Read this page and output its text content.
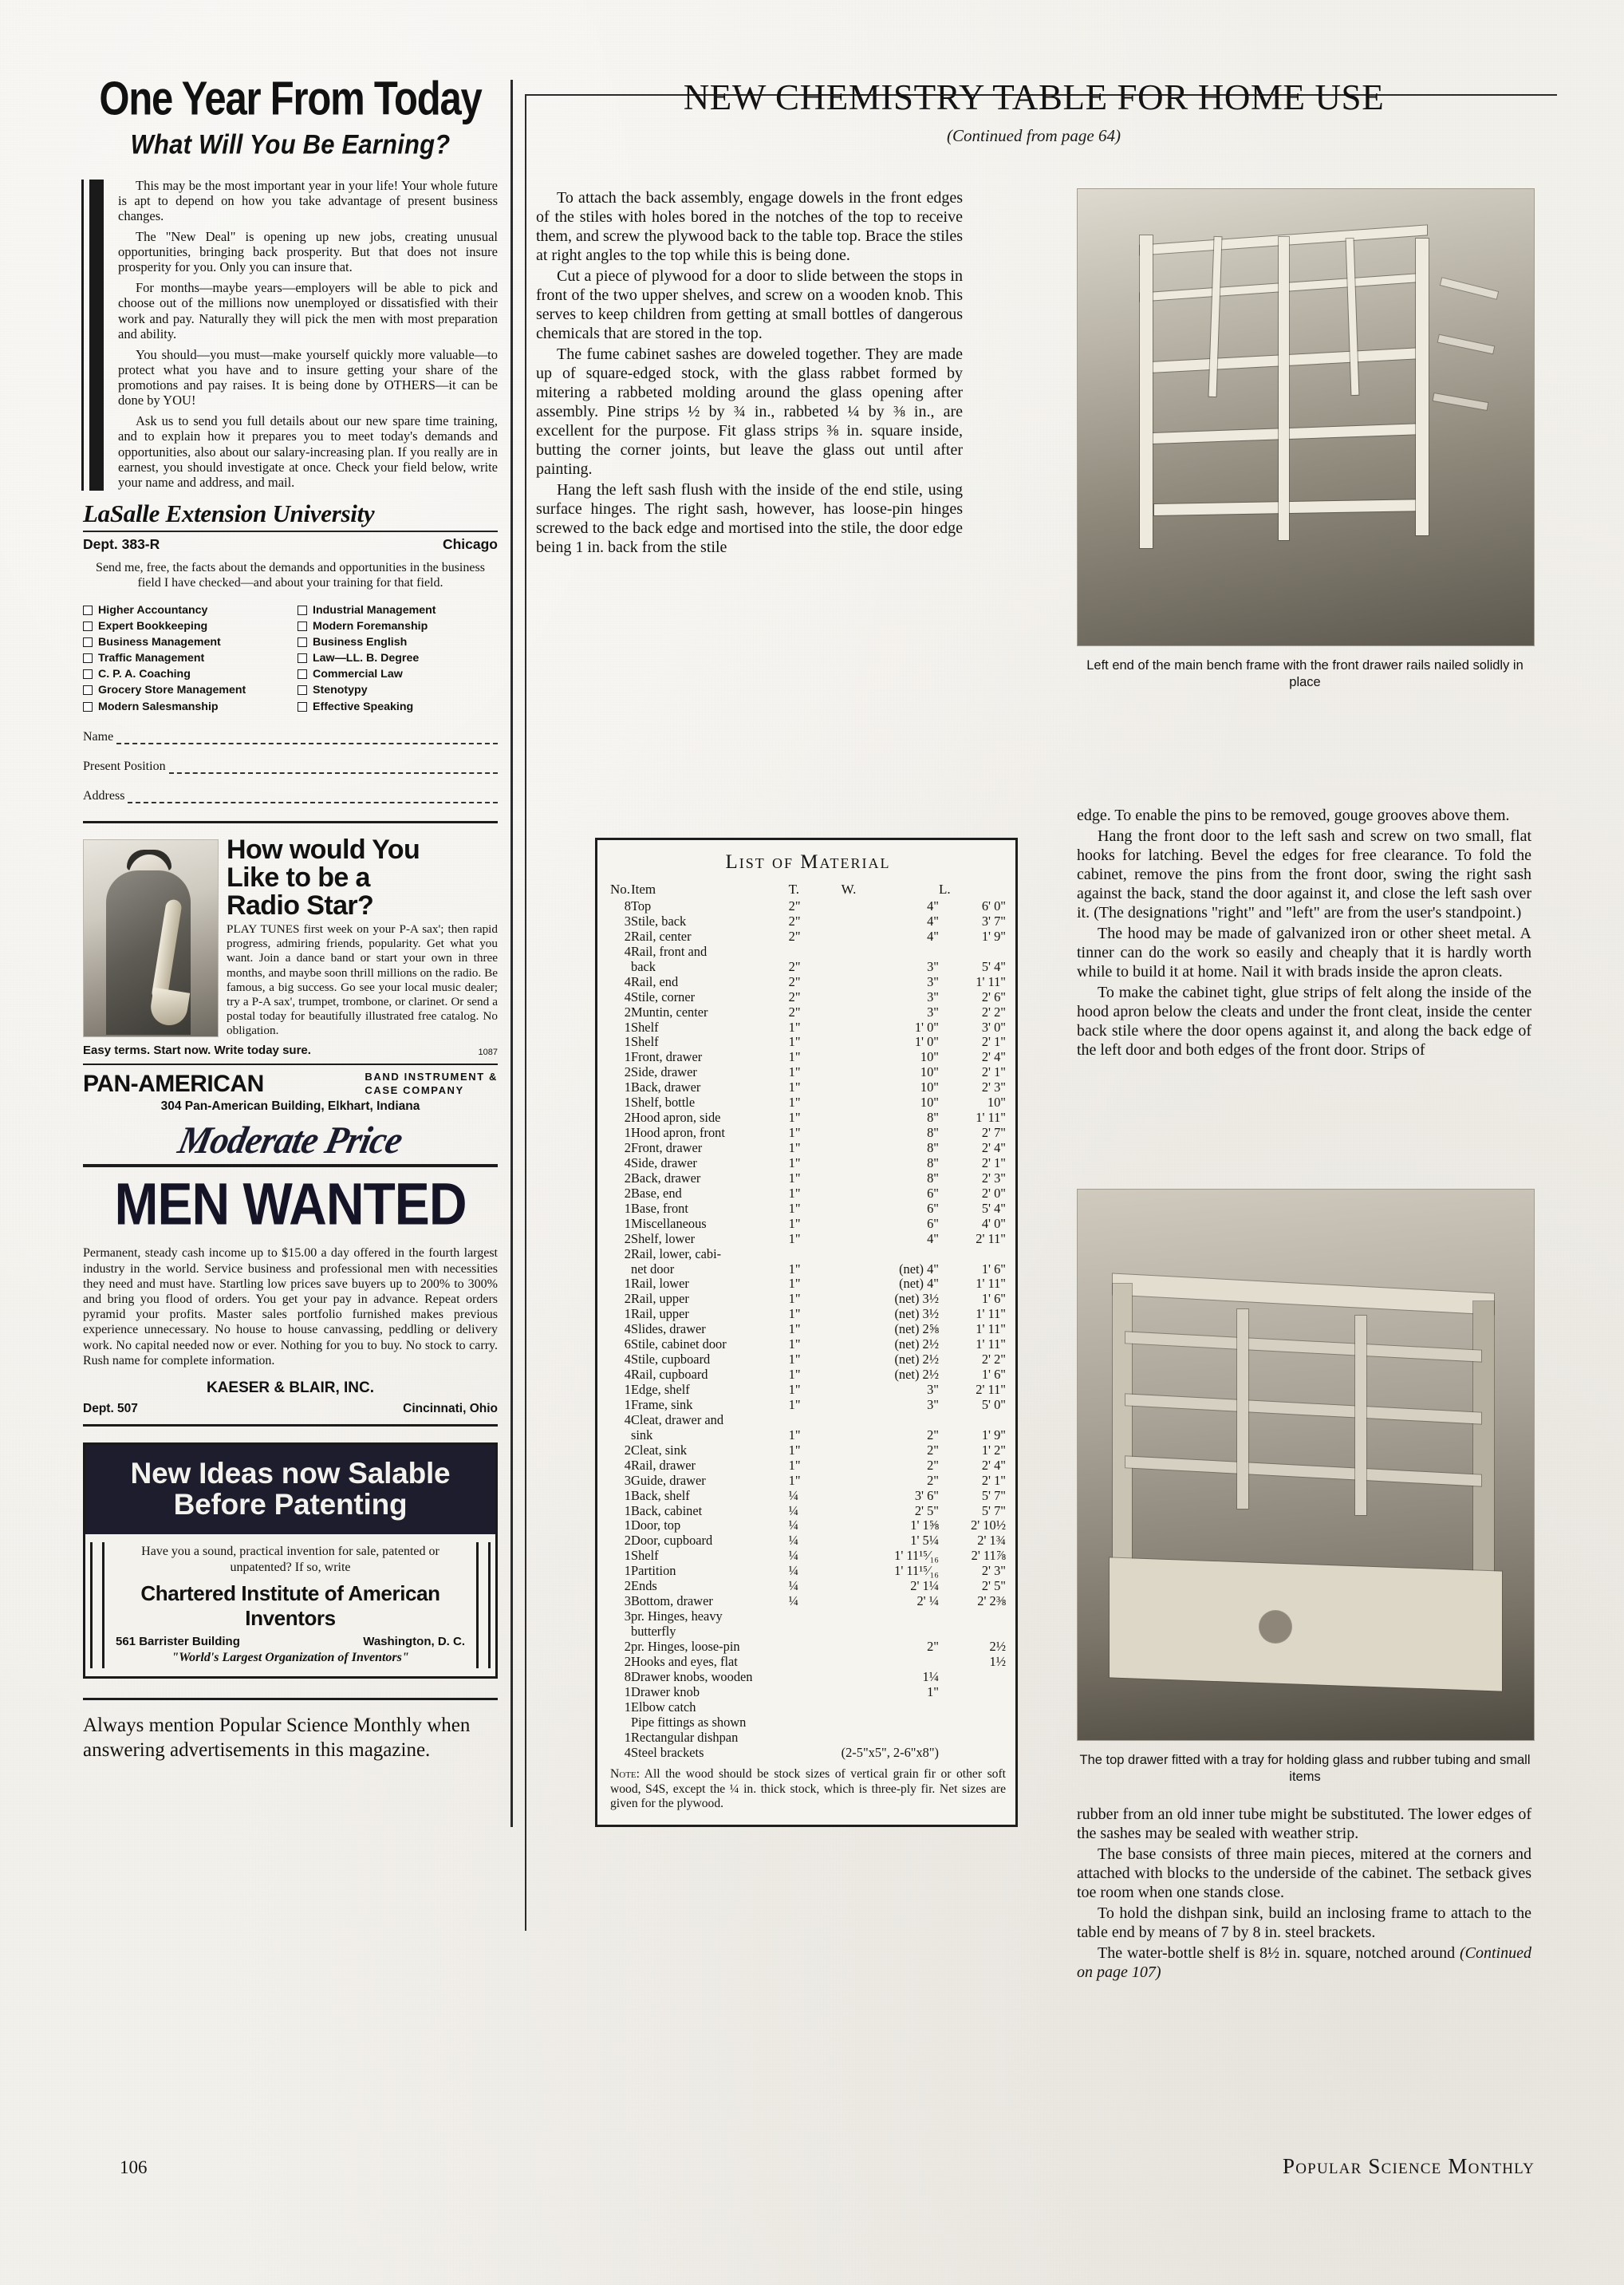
One Year From Today
What Will You Be Earning?

This may be the most important year in your life! Your whole future is apt to depend on how you take advantage of present business changes.

The "New Deal" is opening up new jobs, creating unusual opportunities, bringing back prosperity. But that does not insure prosperity for you. Only you can insure that.

For months—maybe years—employers will be able to pick and choose out of the millions now unemployed or dissatisfied with their work and pay. Naturally they will pick the men with most preparation and ability.

You should—you must—make yourself quickly more valuable—to protect what you have and to insure getting your share of the promotions and pay raises. It is being done by OTHERS—it can be done by YOU!

Ask us to send you full details about our new spare time training, and to explain how it prepares you to meet today's demands and opportunities, also about our salary-increasing plan. If you really are in earnest, you should investigate at once. Check your field below, write your name and address, and mail.

LaSalle Extension University
Dept. 383-R	Chicago
Send me, free, the facts about the demands and opportunities in the business field I have checked—and about your training for that field.
Higher Accountancy
Expert Bookkeeping
Business Management
Traffic Management
C. P. A. Coaching
Grocery Store Management
Modern Salesmanship
Industrial Management
Modern Foremanship
Business English
Law—LL. B. Degree
Commercial Law
Stenotypy
Effective Speaking
Name
Present Position
Address
How would You
Like to be a
Radio Star?
PLAY TUNES first week on your P-A sax'; then rapid progress, admiring friends, popularity. Get what you want. Join a dance band or start your own in three months, and maybe soon thrill millions on the radio. Be famous, a big success. Go see your local music dealer; try a P-A sax', trumpet, trombone, or clarinet. Or send a postal today for beautifully illustrated free catalog. No obligation.
Easy terms. Start now. Write today sure.	1087
PAN-AMERICAN	BAND INSTRUMENT &
CASE COMPANY
304 Pan-American Building, Elkhart, Indiana
Moderate Price
MEN WANTED
Permanent, steady cash income up to $15.00 a day offered in the fourth largest industry in the world. Service business and professional men with necessities they need and must have. Startling low prices save buyers up to 200% to 300% and bring you flood of orders. You get your pay in advance. Repeat orders pyramid your profits. Master sales portfolio furnished makes previous experience unnecessary. No house to house canvassing, peddling or delivery work. No capital needed now or ever. Nothing for you to buy. No stock to carry. Rush name for complete information.
KAESER & BLAIR, INC.
Dept. 507	Cincinnati, Ohio
New Ideas now Salable
Before Patenting
Have you a sound, practical invention for sale, patented or unpatented? If so, write
Chartered Institute of American Inventors
561 Barrister Building	Washington, D. C.
"World's Largest Organization of Inventors"
Always mention Popular Science Monthly when answering advertisements in this magazine.
NEW CHEMISTRY TABLE FOR HOME USE
(Continued from page 64)

To attach the back assembly, engage dowels in the front edges of the stiles with holes bored in the notches of the top to receive them, and screw the plywood back to the table top. Brace the stiles at right angles to the top while this is being done.

Cut a piece of plywood for a door to slide between the stops in front of the two upper shelves, and screw on a wooden knob. This serves to keep children from getting at small bottles of dangerous chemicals that are stored in the top.

The fume cabinet sashes are doweled together. They are made up of square-edged stock, with the glass rabbet formed by mitering a rabbeted molding around the glass opening after assembly. Pine strips ½ by ¾ in., rabbeted ¼ by ⅜ in., are excellent for the purpose. Fit glass strips ⅜ in. square inside, butting the corner joints, but leave the glass out until after painting.

Hang the left sash flush with the inside of the end stile, using surface hinges. The right sash, however, has loose-pin hinges screwed to the back edge and mortised into the stile, the door edge being 1 in. back from the stile

edge. To enable the pins to be removed, gouge grooves above them.

Hang the front door to the left sash and screw on two small, flat hooks for latching. Bevel the edges for free clearance. To fold the cabinet, remove the pins from the front door, swing the right sash against the back, stand the door against it, and close the left sash over it. (The designations "right" and "left" are from the user's standpoint.)

The hood may be made of galvanized iron or other sheet metal. A tinner can do the work so easily and cheaply that it is hardly worth while to build it at home. Nail it with brads inside the apron cleats.

To make the cabinet tight, glue strips of felt along the inside of the hood apron below the cleats and under the front cleat, inside the center back stile where the door opens against it, and along the back edge of the left door and both edges of the front door. Strips of

rubber from an old inner tube might be substituted. The lower edges of the sashes may be sealed with weather strip.

The base consists of three main pieces, mitered at the corners and attached with blocks to the underside of the cabinet. The setback gives toe room when one stands close.

To hold the dishpan sink, build an inclosing frame to attach to the table end by means of 7 by 8 in. steel brackets.

The water-bottle shelf is 8½ in. square, notched around (Continued on page 107)

Left end of the main bench frame with the front drawer rails nailed solidly in place
The top drawer fitted with a tray for holding glass and rubber tubing and small items
List of Material
No.	Item	T.	W.	L.
8	Top	2"	4"	6' 0"
3	Stile, back	2"	4"	3' 7"
2	Rail, center	2"	4"	1' 9"
4	Rail, front and			
	back	2"	3"	5' 4"
4	Rail, end	2"	3"	1' 11"
4	Stile, corner	2"	3"	2' 6"
2	Muntin, center	2"	3"	2' 2"
1	Shelf	1"	1' 0"	3' 0"
1	Shelf	1"	1' 0"	2' 1"
1	Front, drawer	1"	10"	2' 4"
2	Side, drawer	1"	10"	2' 1"
1	Back, drawer	1"	10"	2' 3"
1	Shelf, bottle	1"	10"	10"
2	Hood apron, side	1"	8"	1' 11"
1	Hood apron, front	1"	8"	2' 7"
2	Front, drawer	1"	8"	2' 4"
4	Side, drawer	1"	8"	2' 1"
2	Back, drawer	1"	8"	2' 3"
2	Base, end	1"	6"	2' 0"
1	Base, front	1"	6"	5' 4"
1	Miscellaneous	1"	6"	4' 0"
2	Shelf, lower	1"	4"	2' 11"
2	Rail, lower, cabi-			
	net door	1"	(net) 4"	1' 6"
1	Rail, lower	1"	(net) 4"	1' 11"
2	Rail, upper	1"	(net) 3½	1' 6"
1	Rail, upper	1"	(net) 3½	1' 11"
4	Slides, drawer	1"	(net) 2⅝	1' 11"
6	Stile, cabinet door	1"	(net) 2½	1' 11"
4	Stile, cupboard	1"	(net) 2½	2' 2"
4	Rail, cupboard	1"	(net) 2½	1' 6"
1	Edge, shelf	1"	3"	2' 11"
1	Frame, sink	1"	3"	5' 0"
4	Cleat, drawer and			
	sink	1"	2"	1' 9"
2	Cleat, sink	1"	2"	1' 2"
4	Rail, drawer	1"	2"	2' 4"
3	Guide, drawer	1"	2"	2' 1"
1	Back, shelf	¼	3' 6"	5' 7"
1	Back, cabinet	¼	2' 5"	5' 7"
1	Door, top	¼	1' 1⅝	2' 10½
2	Door, cupboard	¼	1' 5¼	2' 1¾
1	Shelf	¼	1' 11¹⁵⁄₁₆	2' 11⅞
1	Partition	¼	1' 11¹⁵⁄₁₆	2' 3"
2	Ends	¼	2' 1¼	2' 5"
3	Bottom, drawer	¼	2' ¼	2' 2⅜
3	pr. Hinges, heavy			
	butterfly			
2	pr. Hinges, loose-pin		2"	2½
2	Hooks and eyes, flat			1½
8	Drawer knobs, wooden		1¼	
1	Drawer knob		1"	
1	Elbow catch			
	Pipe fittings as shown			
1	Rectangular dishpan			
4	Steel brackets		(2-5"x5", 2-6"x8")	
Note: All the wood should be stock sizes of vertical grain fir or other soft wood, S4S, except the ¼ in. thick stock, which is three-ply fir. Net sizes are given for the plywood.
106	Popular Science Monthly
